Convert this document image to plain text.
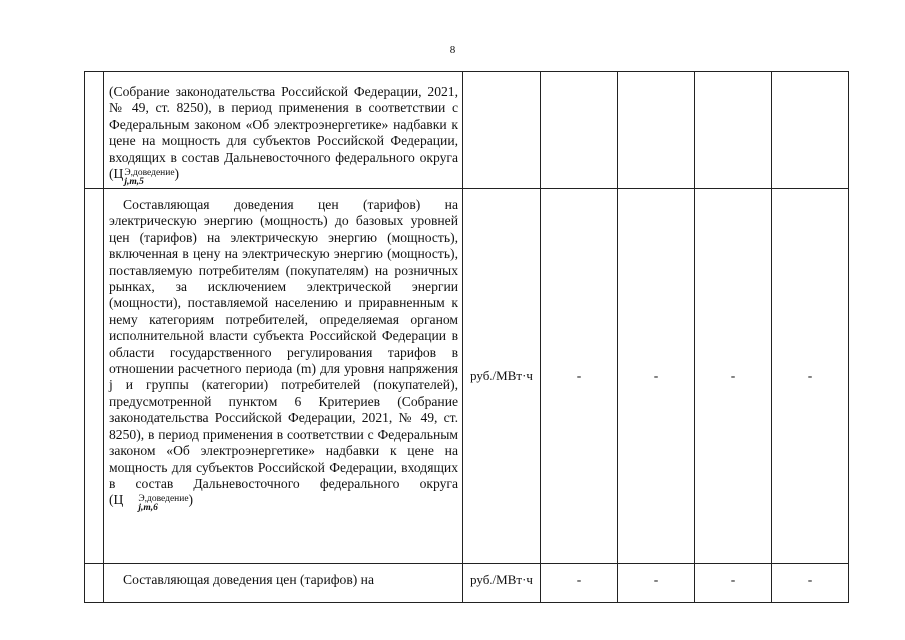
8

	(Собрание законодательства Российской Федерации, 2021, № 49, ст. 8250), в период применения в соответствии с Федеральным законом «Об электроэнергетике» надбавки к цене на мощность для субъектов Российской Федерации, входящих в состав Дальневосточного федерального округа (Ц Э,доведение
j,m,5
)					

	Составляющая доведения цен (тарифов) на электрическую энергию (мощность) до базовых уровней цен (тарифов) на электрическую энергию (мощность), включенная в цену на электрическую энергию (мощность), поставляемую потребителям (покупателям) на розничных рынках, за исключением электрической энергии (мощности), поставляемой населению и приравненным к нему категориям потребителей, определяемая органом исполнительной власти субъекта Российской Федерации в области государственного регулирования тарифов в отношении расчетного периода (m) для уровня напряжения j и группы (категории) потребителей (покупателей), предусмотренной пунктом 6 Критериев (Собрание законодательства Российской Федерации, 2021, № 49, ст. 8250), в период применения в соответствии с Федеральным законом «Об электроэнергетике» надбавки к цене на мощность для субъектов Российской Федерации, входящих в состав Дальневосточного федерального округа (Ц Э,доведение
j,m,6
)	руб./МВт·ч	-	-	-	-

	Составляющая доведения цен (тарифов) на	руб./МВт·ч	-	-	-	-
